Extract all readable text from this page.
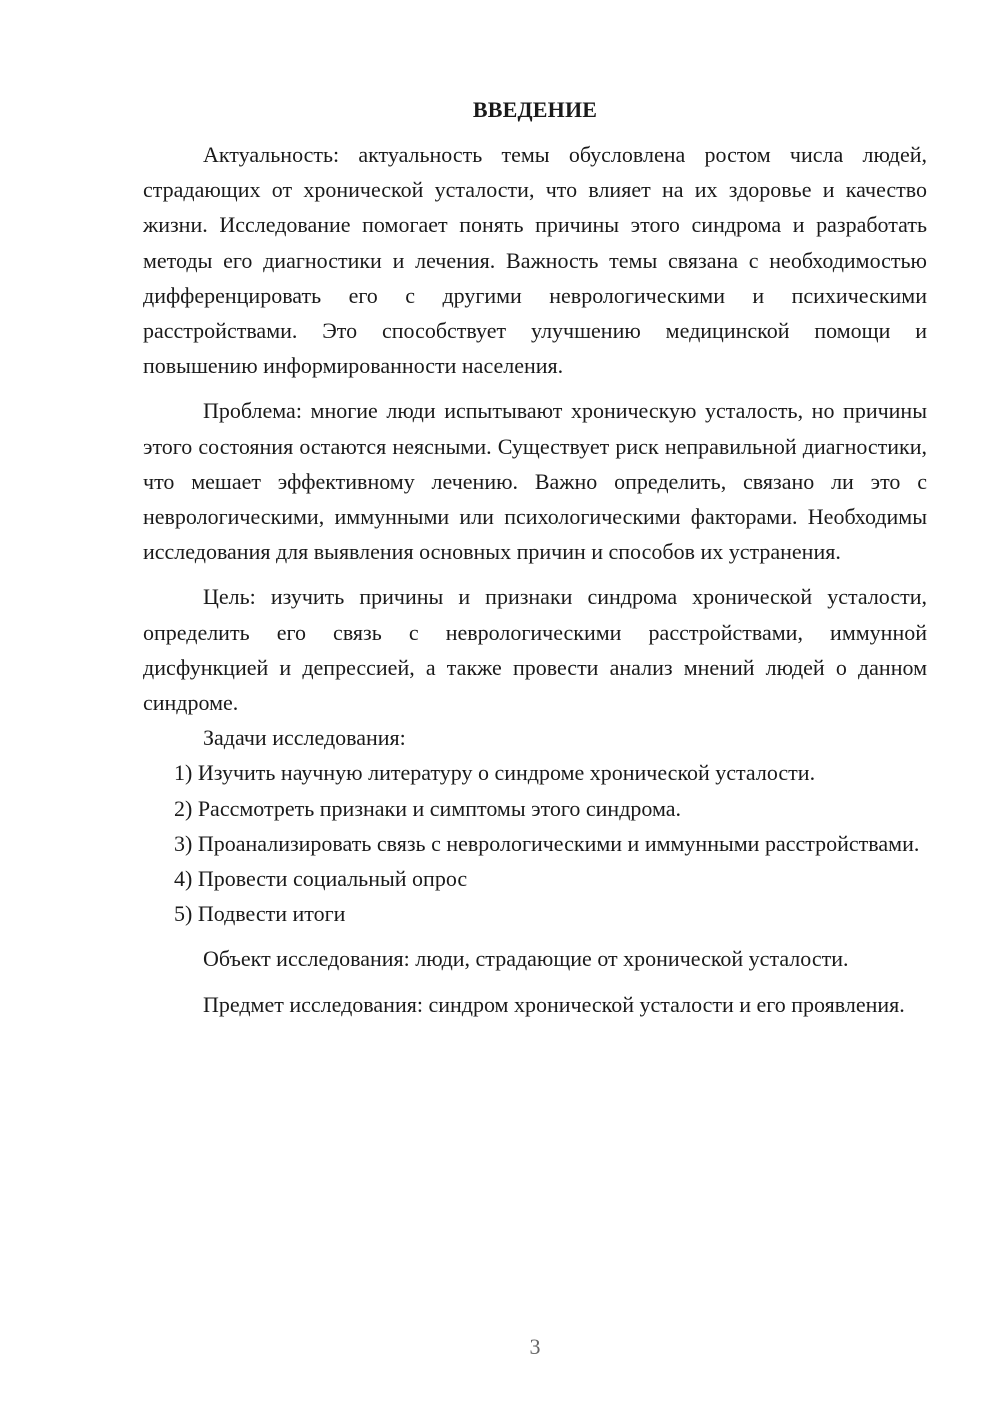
ВВЕДЕНИЕ

Актуальность: актуальность темы обусловлена ростом числа людей, страдающих от хронической усталости, что влияет на их здоровье и качество жизни. Исследование помогает понять причины этого синдрома и разработать методы его диагностики и лечения. Важность темы связана с необходимостью дифференцировать его с другими неврологическими и психическими расстройствами. Это способствует улучшению медицинской помощи и повышению информированности населения.

Проблема: многие люди испытывают хроническую усталость, но причины этого состояния остаются неясными. Существует риск неправильной диагностики, что мешает эффективному лечению. Важно определить, связано ли это с неврологическими, иммунными или психологическими факторами. Необходимы исследования для выявления основных причин и способов их устранения.

Цель: изучить причины и признаки синдрома хронической усталости, определить его связь с неврологическими расстройствами, иммунной дисфункцией и депрессией, а также провести анализ мнений людей о данном синдроме.

Задачи исследования:

1) Изучить научную литературу о синдроме хронической усталости.

2) Рассмотреть признаки и симптомы этого синдрома.

3) Проанализировать связь с неврологическими и иммунными расстройствами.

4) Провести социальный опрос

5) Подвести итоги

Объект исследования: люди, страдающие от хронической усталости.

Предмет исследования: синдром хронической усталости и его проявления.

3
